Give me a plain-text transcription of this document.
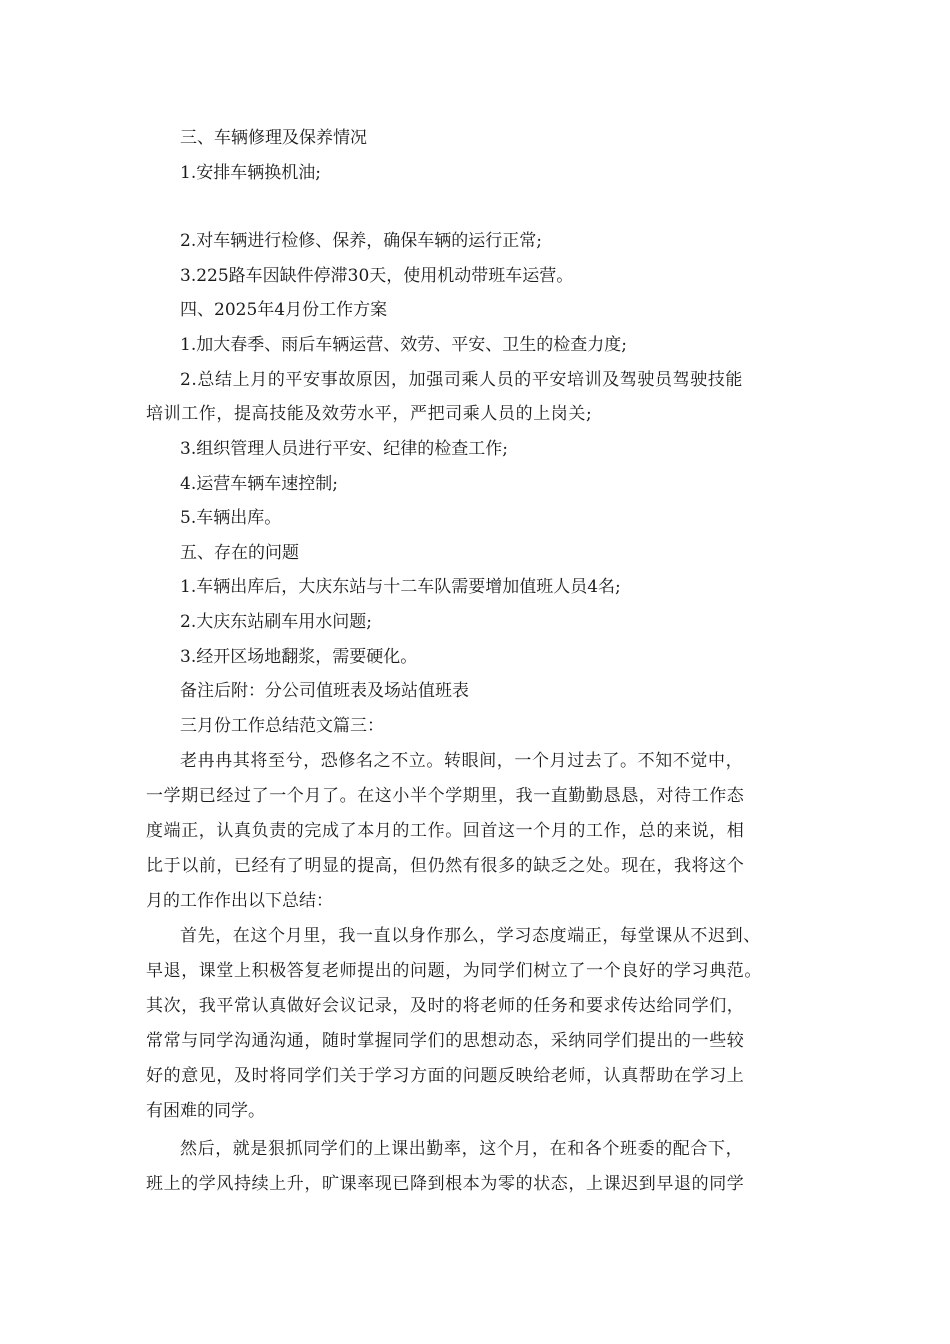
三、车辆修理及保养情况
1.安排车辆换机油;
2.对车辆进行检修、保养，确保车辆的运行正常;
3.225路车因缺件停滞30天，使用机动带班车运营。
四、2025年4月份工作方案
1.加大春季、雨后车辆运营、效劳、平安、卫生的检查力度;
2.总结上月的平安事故原因，加强司乘人员的平安培训及驾驶员驾驶技能
培训工作，提高技能及效劳水平，严把司乘人员的上岗关;
3.组织管理人员进行平安、纪律的检查工作;
4.运营车辆车速控制;
5.车辆出库。
五、存在的问题
1.车辆出库后，大庆东站与十二车队需要增加值班人员4名;
2.大庆东站刷车用水问题;
3.经开区场地翻浆，需要硬化。
备注后附：分公司值班表及场站值班表
三月份工作总结范文篇三：
老冉冉其将至兮，恐修名之不立。转眼间，一个月过去了。不知不觉中，
一学期已经过了一个月了。在这小半个学期里，我一直勤勤恳恳，对待工作态
度端正，认真负责的完成了本月的工作。回首这一个月的工作，总的来说，相
比于以前，已经有了明显的提高，但仍然有很多的缺乏之处。现在，我将这个
月的工作作出以下总结：
首先，在这个月里，我一直以身作那么，学习态度端正，每堂课从不迟到、
早退，课堂上积极答复老师提出的问题，为同学们树立了一个良好的学习典范。
其次，我平常认真做好会议记录，及时的将老师的任务和要求传达给同学们，
常常与同学沟通沟通，随时掌握同学们的思想动态，采纳同学们提出的一些较
好的意见，及时将同学们关于学习方面的问题反映给老师，认真帮助在学习上
有困难的同学。
然后，就是狠抓同学们的上课出勤率，这个月，在和各个班委的配合下，
班上的学风持续上升，旷课率现已降到根本为零的状态，上课迟到早退的同学
